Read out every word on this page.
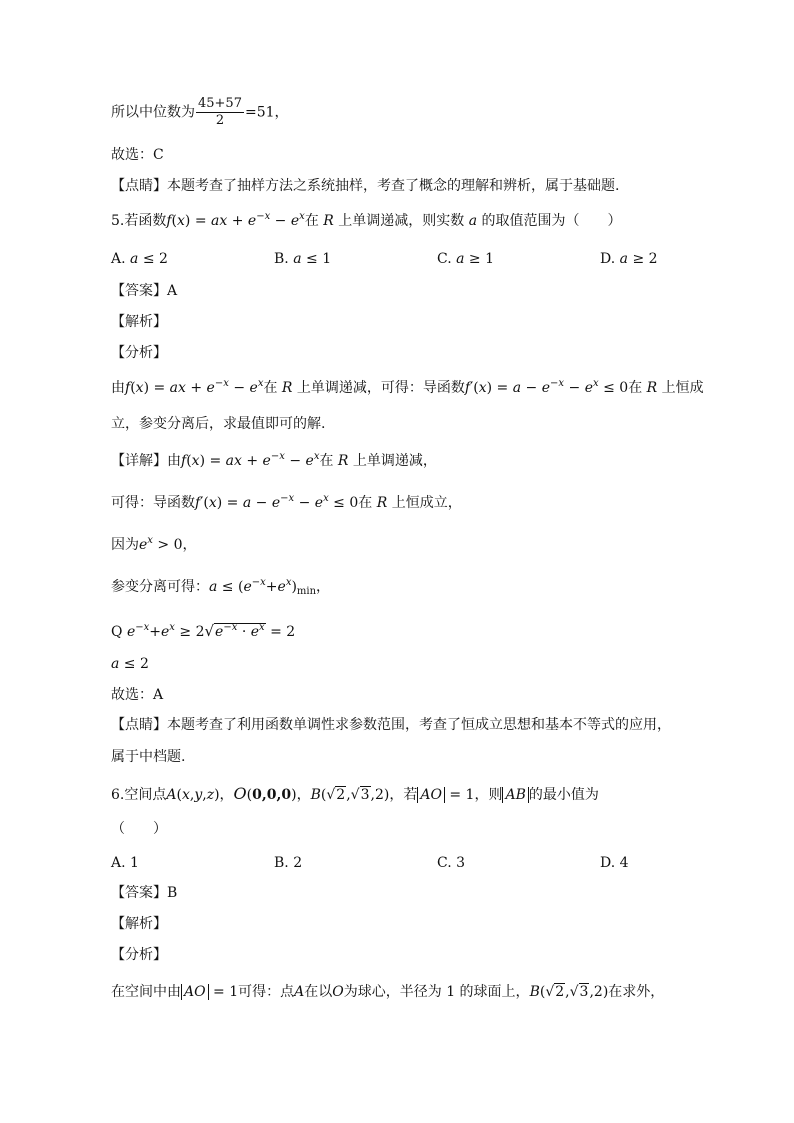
所以中位数为 $\frac{45+57}{2} =51$，
故选：C
【点睛】本题考查了抽样方法之系统抽样，考查了概念的理解和辨析，属于基础题.
5.若函数f(x) = ax + $e^{-x} - e^x$在 R 上单调递减，则实数 a 的取值范围为（　　）
A. a ≤ 2	B. a ≤ 1	C. a ≥ 1	D. a ≥ 2
【答案】A
【解析】
【分析】
由f(x) = ax + $e^{-x} - e^x$在 R 上单调递减，可得：导函数$f'(x) = a - e^{-x} - e^x \le 0$在 R 上恒成
立，参变分离后，求最值即可的解.
【详解】由f(x) = ax + $e^{-x} - e^x$在 R 上单调递减，
可得：导函数$f'(x) = a - e^{-x} - e^x \le 0$在 R 上恒成立，
因为$e^x > 0$，
参变分离可得：$a \le (e^{-x}+e^x)_{min}$，
Q $e^{-x}+e^x \ge 2√e^{-x} \cdot e^x = 2$
a ≤ 2
故选：A
【点睛】本题考查了利用函数单调性求参数范围，考查了恒成立思想和基本不等式的应用，
属于中档题.
6.空间点A(x,y,z)，O(0,0,0)，B(√2,√3,2)，若 AO = 1，则 AB 的最小值为
（　　）
A. 1	B. 2	C. 3	D. 4
【答案】B
【解析】
【分析】
在空间中由 AO = 1可得：点A在以O为球心，半径为 1 的球面上，B(√2,√3,2)在求外，
